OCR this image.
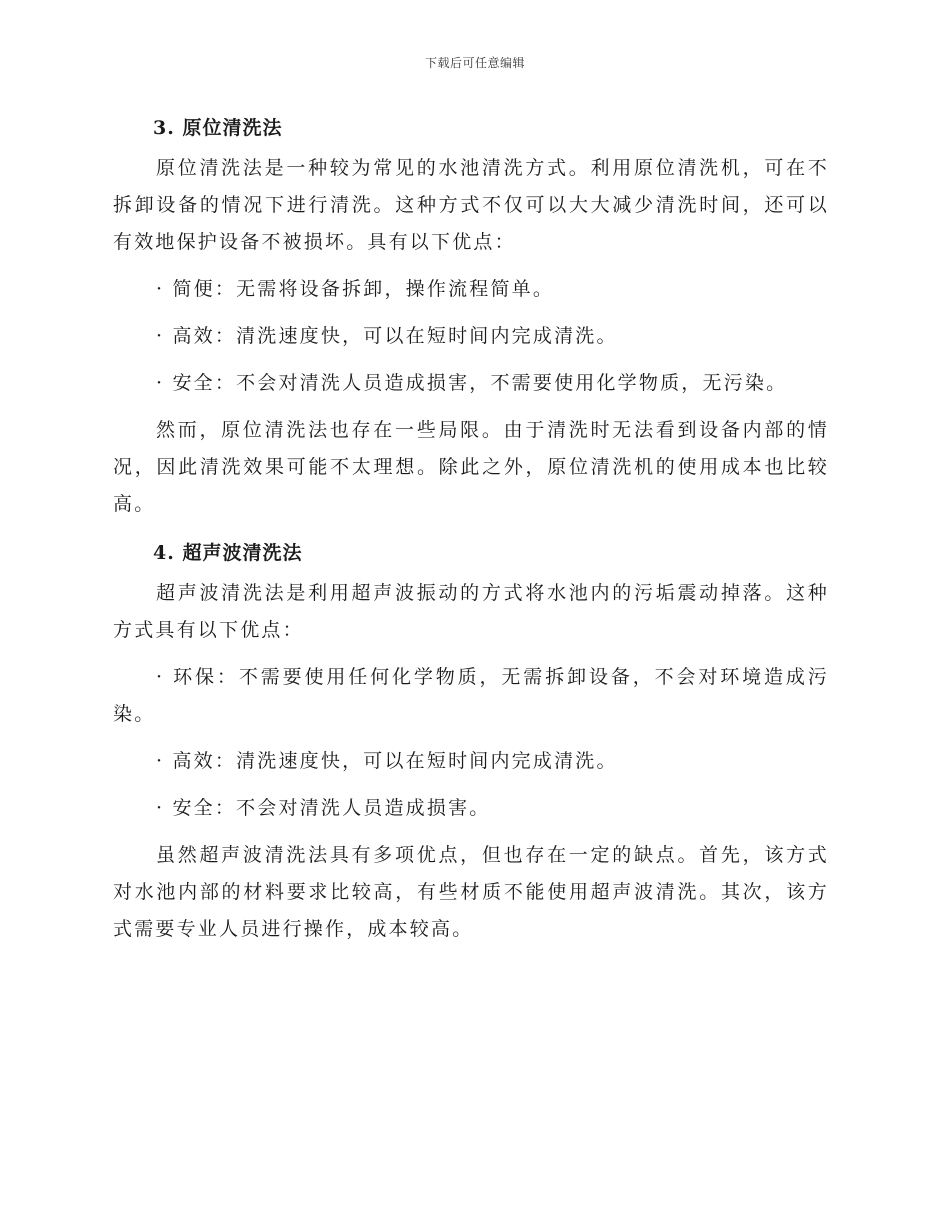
下载后可任意编辑
3. 原位清洗法

原位清洗法是一种较为常见的水池清洗方式。利用原位清洗机，可在不拆卸设备的情况下进行清洗。这种方式不仅可以大大减少清洗时间，还可以有效地保护设备不被损坏。具有以下优点：

· 简便：无需将设备拆卸，操作流程简单。

· 高效：清洗速度快，可以在短时间内完成清洗。

· 安全：不会对清洗人员造成损害，不需要使用化学物质，无污染。

然而，原位清洗法也存在一些局限。由于清洗时无法看到设备内部的情况，因此清洗效果可能不太理想。除此之外，原位清洗机的使用成本也比较高。

4. 超声波清洗法

超声波清洗法是利用超声波振动的方式将水池内的污垢震动掉落。这种方式具有以下优点：

· 环保：不需要使用任何化学物质，无需拆卸设备，不会对环境造成污染。

· 高效：清洗速度快，可以在短时间内完成清洗。

· 安全：不会对清洗人员造成损害。

虽然超声波清洗法具有多项优点，但也存在一定的缺点。首先，该方式对水池内部的材料要求比较高，有些材质不能使用超声波清洗。其次，该方式需要专业人员进行操作，成本较高。
